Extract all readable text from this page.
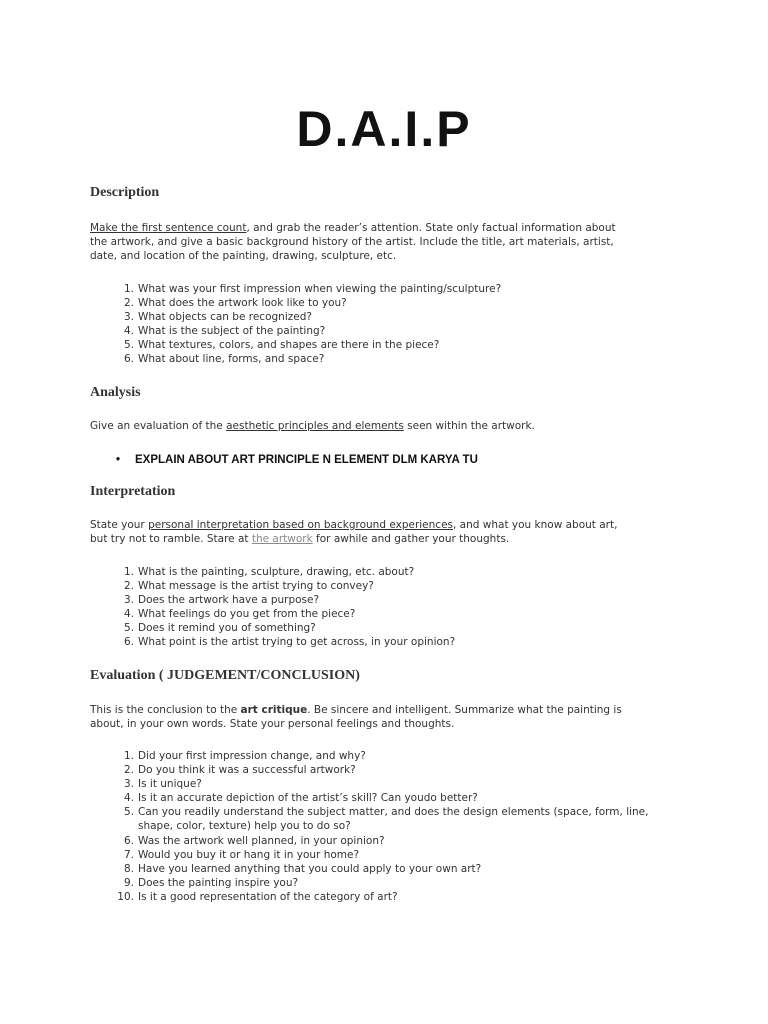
D.A.I.P
Description
Make the first sentence count, and grab the reader’s attention. State only factual information about
the artwork, and give a basic background history of the artist. Include the title, art materials, artist,
date, and location of the painting, drawing, sculpture, etc.
1. What was your first impression when viewing the painting/sculpture?
2. What does the artwork look like to you?
3. What objects can be recognized?
4. What is the subject of the painting?
5. What textures, colors, and shapes are there in the piece?
6. What about line, forms, and space?
Analysis
Give an evaluation of the aesthetic principles and elements seen within the artwork.
• EXPLAIN ABOUT ART PRINCIPLE N ELEMENT DLM KARYA TU
Interpretation
State your personal interpretation based on background experiences, and what you know about art,
but try not to ramble. Stare at the artwork for awhile and gather your thoughts.
1. What is the painting, sculpture, drawing, etc. about?
2. What message is the artist trying to convey?
3. Does the artwork have a purpose?
4. What feelings do you get from the piece?
5. Does it remind you of something?
6. What point is the artist trying to get across, in your opinion?
Evaluation ( JUDGEMENT/CONCLUSION)
This is the conclusion to the art critique. Be sincere and intelligent. Summarize what the painting is
about, in your own words. State your personal feelings and thoughts.
1. Did your first impression change, and why?
2. Do you think it was a successful artwork?
3. Is it unique?
4. Is it an accurate depiction of the artist’s skill? Can youdo better?
5. Can you readily understand the subject matter, and does the design elements (space, form, line, shape, color, texture) help you to do so?
6. Was the artwork well planned, in your opinion?
7. Would you buy it or hang it in your home?
8. Have you learned anything that you could apply to your own art?
9. Does the painting inspire you?
10. Is it a good representation of the category of art?
